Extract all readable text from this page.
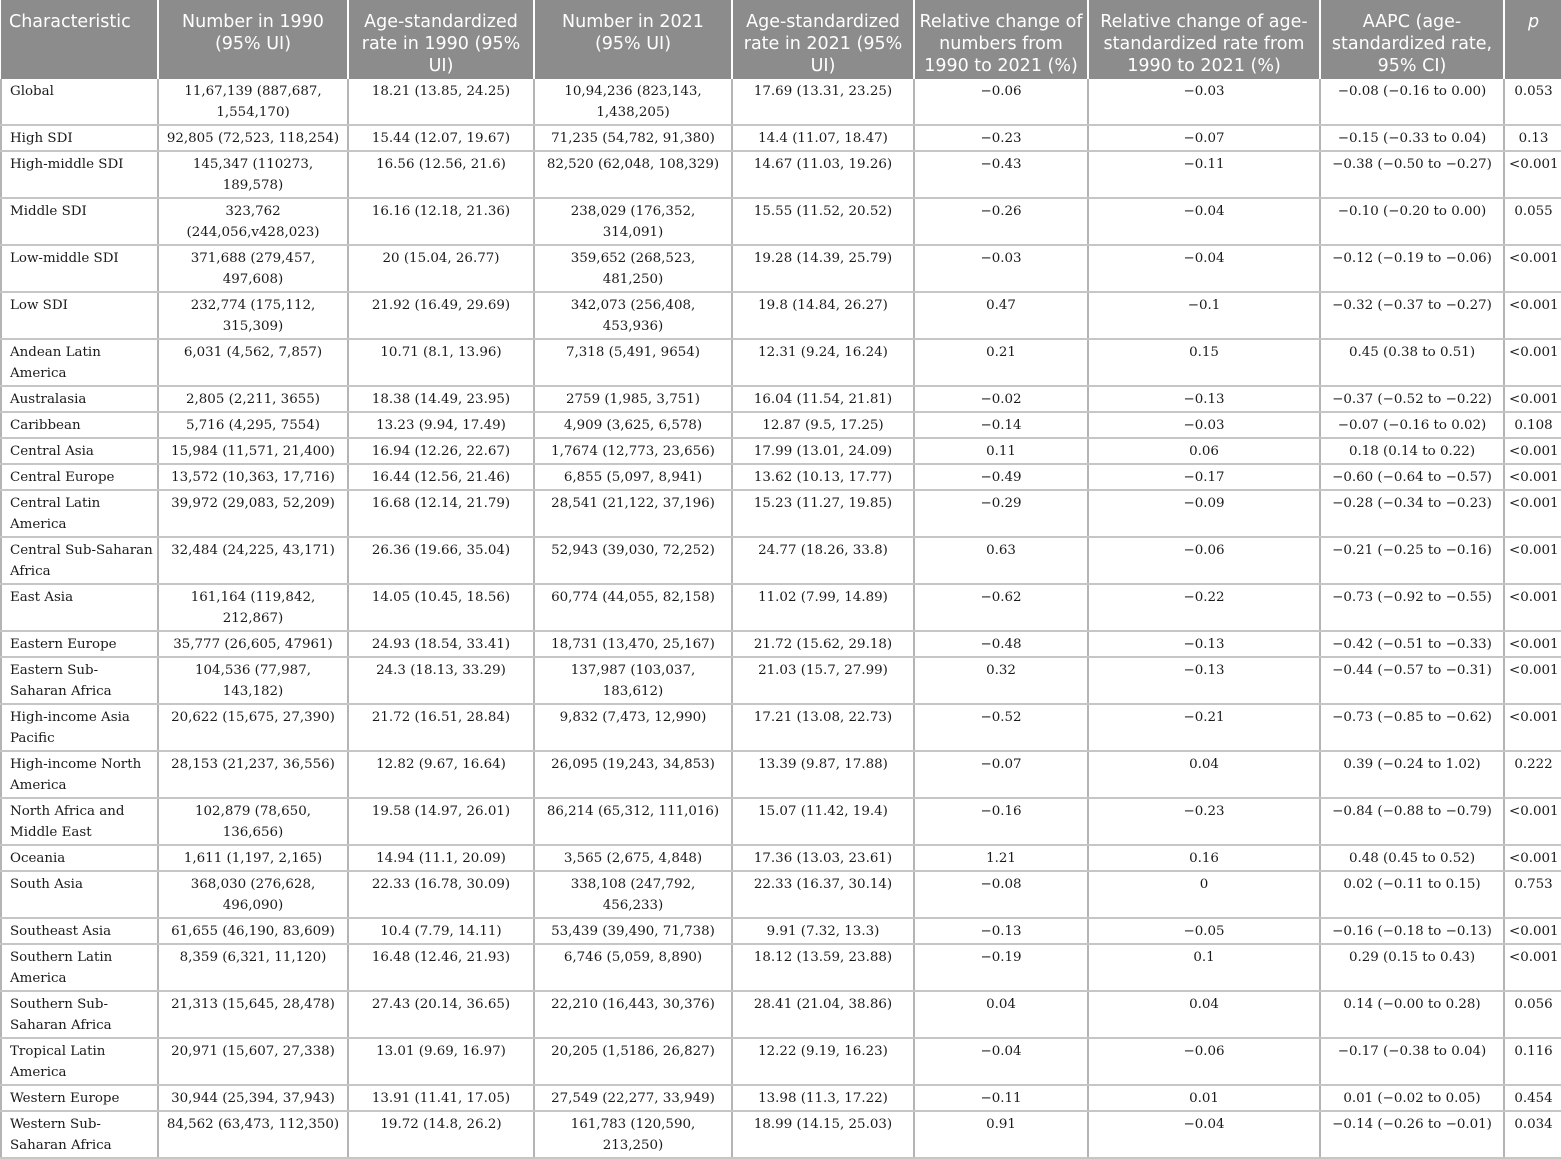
Characteristic	Number in 1990 (95% UI)	Age-standardized rate in 1990 (95% UI)	Number in 2021 (95% UI)	Age-standardized rate in 2021 (95% UI)	Relative change of numbers from 1990 to 2021 (%)	Relative change of age-standardized rate from 1990 to 2021 (%)	AAPC (age-standardized rate, 95% CI)	p
Global	11,67,139 (887,687, 1,554,170)	18.21 (13.85, 24.25)	10,94,236 (823,143, 1,438,205)	17.69 (13.31, 23.25)	−0.06	−0.03	−0.08 (−0.16 to 0.00)	0.053
High SDI	92,805 (72,523, 118,254)	15.44 (12.07, 19.67)	71,235 (54,782, 91,380)	14.4 (11.07, 18.47)	−0.23	−0.07	−0.15 (−0.33 to 0.04)	0.13
High-middle SDI	145,347 (110273, 189,578)	16.56 (12.56, 21.6)	82,520 (62,048, 108,329)	14.67 (11.03, 19.26)	−0.43	−0.11	−0.38 (−0.50 to −0.27)	<0.001
Middle SDI	323,762 (244,056,v428,023)	16.16 (12.18, 21.36)	238,029 (176,352, 314,091)	15.55 (11.52, 20.52)	−0.26	−0.04	−0.10 (−0.20 to 0.00)	0.055
Low-middle SDI	371,688 (279,457, 497,608)	20 (15.04, 26.77)	359,652 (268,523, 481,250)	19.28 (14.39, 25.79)	−0.03	−0.04	−0.12 (−0.19 to −0.06)	<0.001
Low SDI	232,774 (175,112, 315,309)	21.92 (16.49, 29.69)	342,073 (256,408, 453,936)	19.8 (14.84, 26.27)	0.47	−0.1	−0.32 (−0.37 to −0.27)	<0.001
Andean Latin America	6,031 (4,562, 7,857)	10.71 (8.1, 13.96)	7,318 (5,491, 9654)	12.31 (9.24, 16.24)	0.21	0.15	0.45 (0.38 to 0.51)	<0.001
Australasia	2,805 (2,211, 3655)	18.38 (14.49, 23.95)	2759 (1,985, 3,751)	16.04 (11.54, 21.81)	−0.02	−0.13	−0.37 (−0.52 to −0.22)	<0.001
Caribbean	5,716 (4,295, 7554)	13.23 (9.94, 17.49)	4,909 (3,625, 6,578)	12.87 (9.5, 17.25)	−0.14	−0.03	−0.07 (−0.16 to 0.02)	0.108
Central Asia	15,984 (11,571, 21,400)	16.94 (12.26, 22.67)	1,7674 (12,773, 23,656)	17.99 (13.01, 24.09)	0.11	0.06	0.18 (0.14 to 0.22)	<0.001
Central Europe	13,572 (10,363, 17,716)	16.44 (12.56, 21.46)	6,855 (5,097, 8,941)	13.62 (10.13, 17.77)	−0.49	−0.17	−0.60 (−0.64 to −0.57)	<0.001
Central Latin America	39,972 (29,083, 52,209)	16.68 (12.14, 21.79)	28,541 (21,122, 37,196)	15.23 (11.27, 19.85)	−0.29	−0.09	−0.28 (−0.34 to −0.23)	<0.001
Central Sub-Saharan Africa	32,484 (24,225, 43,171)	26.36 (19.66, 35.04)	52,943 (39,030, 72,252)	24.77 (18.26, 33.8)	0.63	−0.06	−0.21 (−0.25 to −0.16)	<0.001
East Asia	161,164 (119,842, 212,867)	14.05 (10.45, 18.56)	60,774 (44,055, 82,158)	11.02 (7.99, 14.89)	−0.62	−0.22	−0.73 (−0.92 to −0.55)	<0.001
Eastern Europe	35,777 (26,605, 47961)	24.93 (18.54, 33.41)	18,731 (13,470, 25,167)	21.72 (15.62, 29.18)	−0.48	−0.13	−0.42 (−0.51 to −0.33)	<0.001
Eastern Sub-Saharan Africa	104,536 (77,987, 143,182)	24.3 (18.13, 33.29)	137,987 (103,037, 183,612)	21.03 (15.7, 27.99)	0.32	−0.13	−0.44 (−0.57 to −0.31)	<0.001
High-income Asia Pacific	20,622 (15,675, 27,390)	21.72 (16.51, 28.84)	9,832 (7,473, 12,990)	17.21 (13.08, 22.73)	−0.52	−0.21	−0.73 (−0.85 to −0.62)	<0.001
High-income North America	28,153 (21,237, 36,556)	12.82 (9.67, 16.64)	26,095 (19,243, 34,853)	13.39 (9.87, 17.88)	−0.07	0.04	0.39 (−0.24 to 1.02)	0.222
North Africa and Middle East	102,879 (78,650, 136,656)	19.58 (14.97, 26.01)	86,214 (65,312, 111,016)	15.07 (11.42, 19.4)	−0.16	−0.23	−0.84 (−0.88 to −0.79)	<0.001
Oceania	1,611 (1,197, 2,165)	14.94 (11.1, 20.09)	3,565 (2,675, 4,848)	17.36 (13.03, 23.61)	1.21	0.16	0.48 (0.45 to 0.52)	<0.001
South Asia	368,030 (276,628, 496,090)	22.33 (16.78, 30.09)	338,108 (247,792, 456,233)	22.33 (16.37, 30.14)	−0.08	0	0.02 (−0.11 to 0.15)	0.753
Southeast Asia	61,655 (46,190, 83,609)	10.4 (7.79, 14.11)	53,439 (39,490, 71,738)	9.91 (7.32, 13.3)	−0.13	−0.05	−0.16 (−0.18 to −0.13)	<0.001
Southern Latin America	8,359 (6,321, 11,120)	16.48 (12.46, 21.93)	6,746 (5,059, 8,890)	18.12 (13.59, 23.88)	−0.19	0.1	0.29 (0.15 to 0.43)	<0.001
Southern Sub-Saharan Africa	21,313 (15,645, 28,478)	27.43 (20.14, 36.65)	22,210 (16,443, 30,376)	28.41 (21.04, 38.86)	0.04	0.04	0.14 (−0.00 to 0.28)	0.056
Tropical Latin America	20,971 (15,607, 27,338)	13.01 (9.69, 16.97)	20,205 (1,5186, 26,827)	12.22 (9.19, 16.23)	−0.04	−0.06	−0.17 (−0.38 to 0.04)	0.116
Western Europe	30,944 (25,394, 37,943)	13.91 (11.41, 17.05)	27,549 (22,277, 33,949)	13.98 (11.3, 17.22)	−0.11	0.01	0.01 (−0.02 to 0.05)	0.454
Western Sub-Saharan Africa	84,562 (63,473, 112,350)	19.72 (14.8, 26.2)	161,783 (120,590, 213,250)	18.99 (14.15, 25.03)	0.91	−0.04	−0.14 (−0.26 to −0.01)	0.034
